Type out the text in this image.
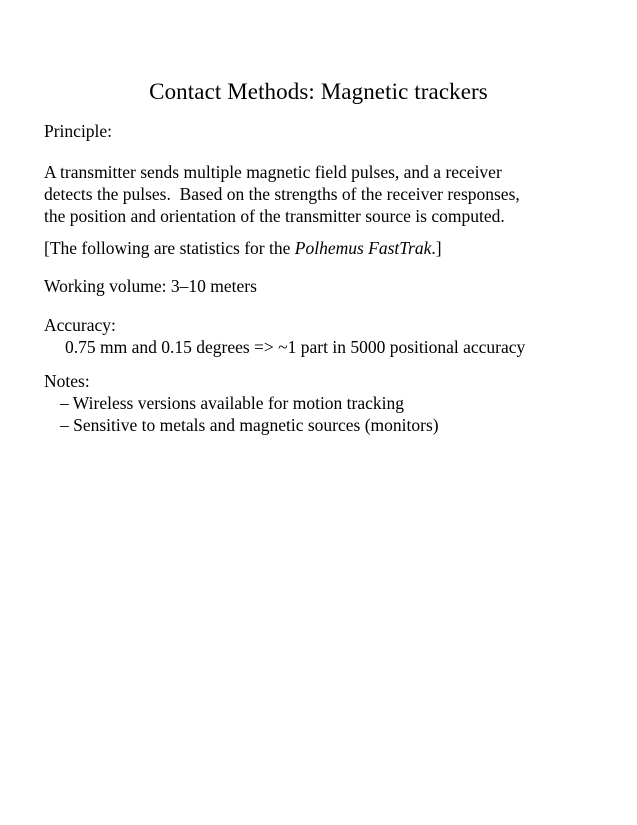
Contact Methods: Magnetic trackers
Principle:
A transmitter sends multiple magnetic field pulses, and a receiver
detects the pulses.  Based on the strengths of the receiver responses,
the position and orientation of the transmitter source is computed.
[The following are statistics for the Polhemus FastTrak.]
Working volume: 3–10 meters
Accuracy:
0.75 mm and 0.15 degrees => ~1 part in 5000 positional accuracy
Notes:
– Wireless versions available for motion tracking
– Sensitive to metals and magnetic sources (monitors)
